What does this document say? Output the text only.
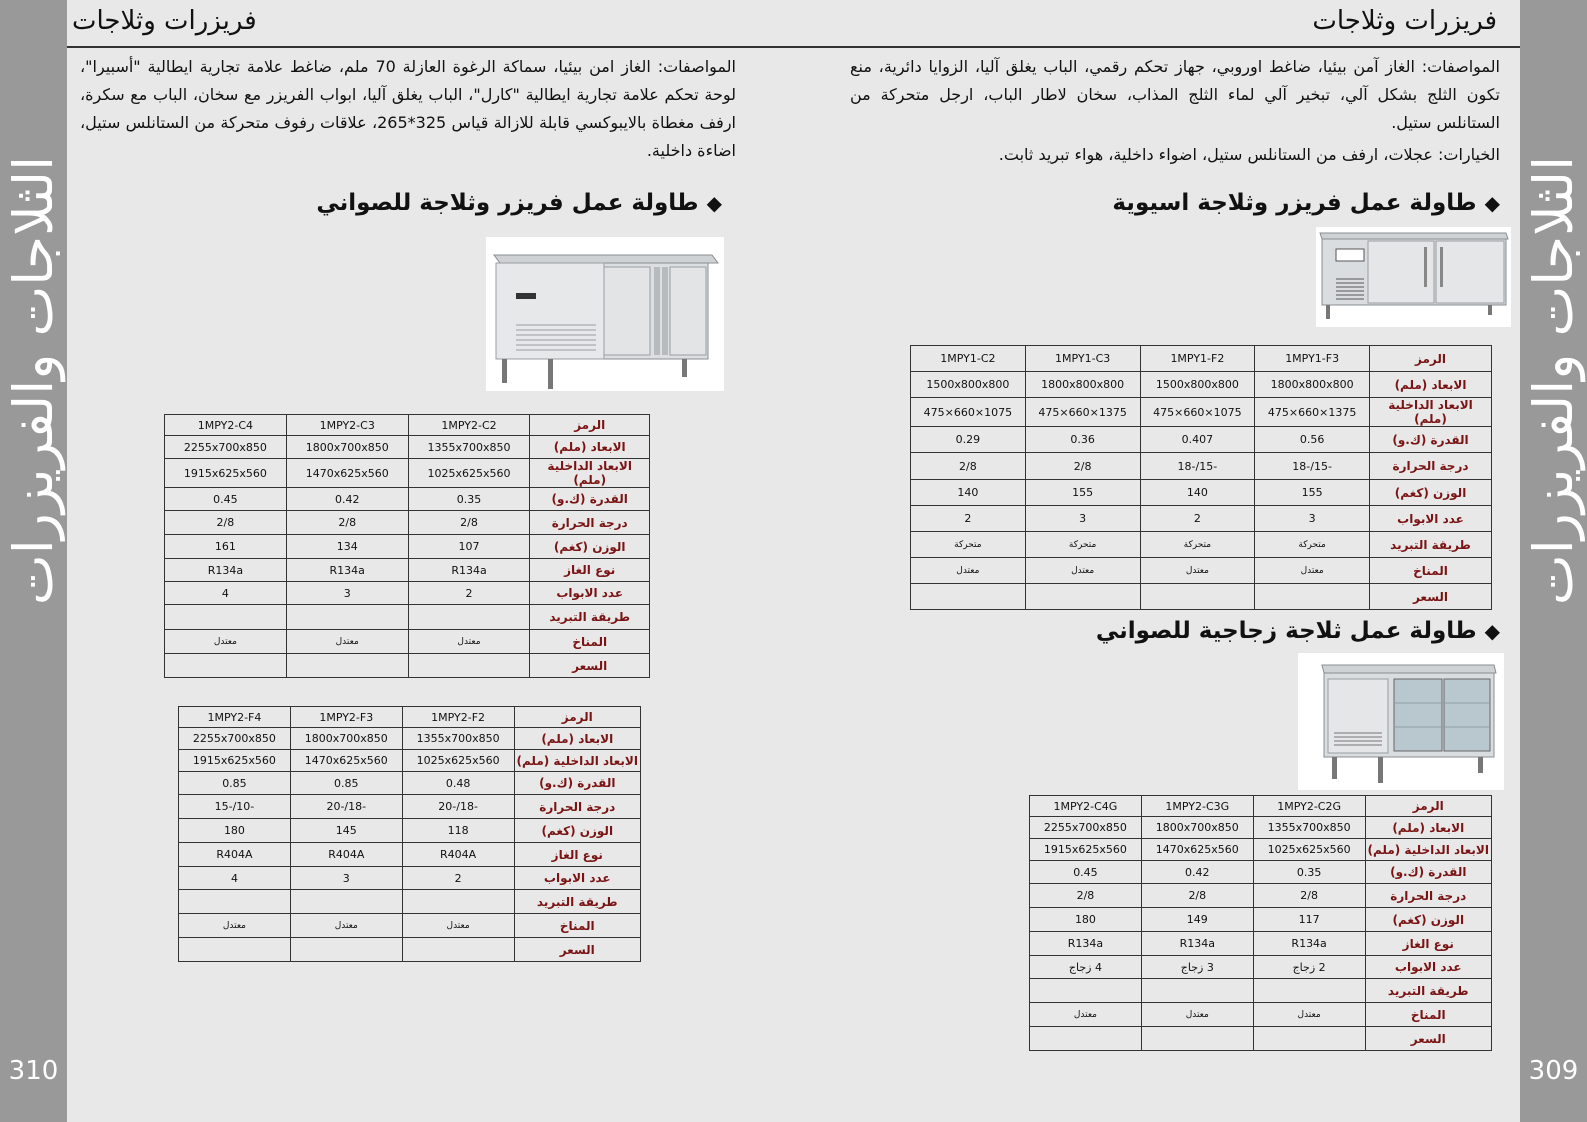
الثلاجات والفريزرات
310
الثلاجات والفريزرات
309
فريزرات وثلاجات
المواصفات: الغاز امن بيئيا، سماكة الرغوة العازلة 70 ملم، ضاغط علامة تجارية ايطالية "أسبيرا"، لوحة تحكم علامة تجارية ايطالية "كارل"، الباب يغلق آليا، ابواب الفريزر مع سخان، الباب مع سكرة، ارفف مغطاة بالايبوكسي قابلة للازالة قياس 325*265، علاقات رفوف متحركة من الستانلس ستيل، اضاءة داخلية.
◆طاولة عمل فريزر وثلاجة للصواني
الرمز	1MPY2-C2	1MPY2-C3	1MPY2-C4
الابعاد (ملم)	1355x700x850	1800x700x850	2255x700x850
الابعاد الداخلية (ملم)	1025x625x560	1470x625x560	1915x625x560
القدرة (ك.و)	0.35	0.42	0.45
درجة الحرارة	2/8	2/8	2/8
الوزن (كغم)	107	134	161
نوع الغاز	R134a	R134a	R134a
عدد الابواب	2	3	4
طريقة التبريد			
المناخ	معتدل	معتدل	معتدل
السعر			
الرمز	1MPY2-F2	1MPY2-F3	1MPY2-F4
الابعاد (ملم)	1355x700x850	1800x700x850	2255x700x850
الابعاد الداخلية (ملم)	1025x625x560	1470x625x560	1915x625x560
القدرة (ك.و)	0.48	0.85	0.85
درجة الحرارة	-18/-20	-18/-20	-10/-15
الوزن (كغم)	118	145	180
نوع الغاز	R404A	R404A	R404A
عدد الابواب	2	3	4
طريقة التبريد			
المناخ	معتدل	معتدل	معتدل
السعر			
فريزرات وثلاجات
المواصفات: الغاز آمن بيئيا، ضاغط اوروبي، جهاز تحكم رقمي، الباب يغلق آليا، الزوايا دائرية، منع تكون الثلج بشكل آلي، تبخير آلي لماء الثلج المذاب، سخان لاطار الباب، ارجل متحركة من الستانلس ستيل.
الخيارات: عجلات، ارفف من الستانلس ستيل، اضواء داخلية، هواء تبريد ثابت.
◆طاولة عمل فريزر وثلاجة اسيوية
الرمز	1MPY1-F3	1MPY1-F2	1MPY1-C3	1MPY1-C2
الابعاد (ملم)	1800x800x800	1500x800x800	1800x800x800	1500x800x800
الابعاد الداخلية (ملم)	1375×660×475	1075×660×475	1375×660×475	1075×660×475
القدرة (ك.و)	0.56	0.407	0.36	0.29
درجة الحرارة	-15/-18	-15/-18	2/8	2/8
الوزن (كغم)	155	140	155	140
عدد الابواب	3	2	3	2
طريقة التبريد	متحركة	متحركة	متحركة	متحركة
المناخ	معتدل	معتدل	معتدل	معتدل
السعر				
◆طاولة عمل ثلاجة زجاجية للصواني
الرمز	1MPY2-C2G	1MPY2-C3G	1MPY2-C4G
الابعاد (ملم)	1355x700x850	1800x700x850	2255x700x850
الابعاد الداخلية (ملم)	1025x625x560	1470x625x560	1915x625x560
القدرة (ك.و)	0.35	0.42	0.45
درجة الحرارة	2/8	2/8	2/8
الوزن (كغم)	117	149	180
نوع الغاز	R134a	R134a	R134a
عدد الابواب	2 زجاج	3 زجاج	4 زجاج
طريقة التبريد			
المناخ	معتدل	معتدل	معتدل
السعر			
